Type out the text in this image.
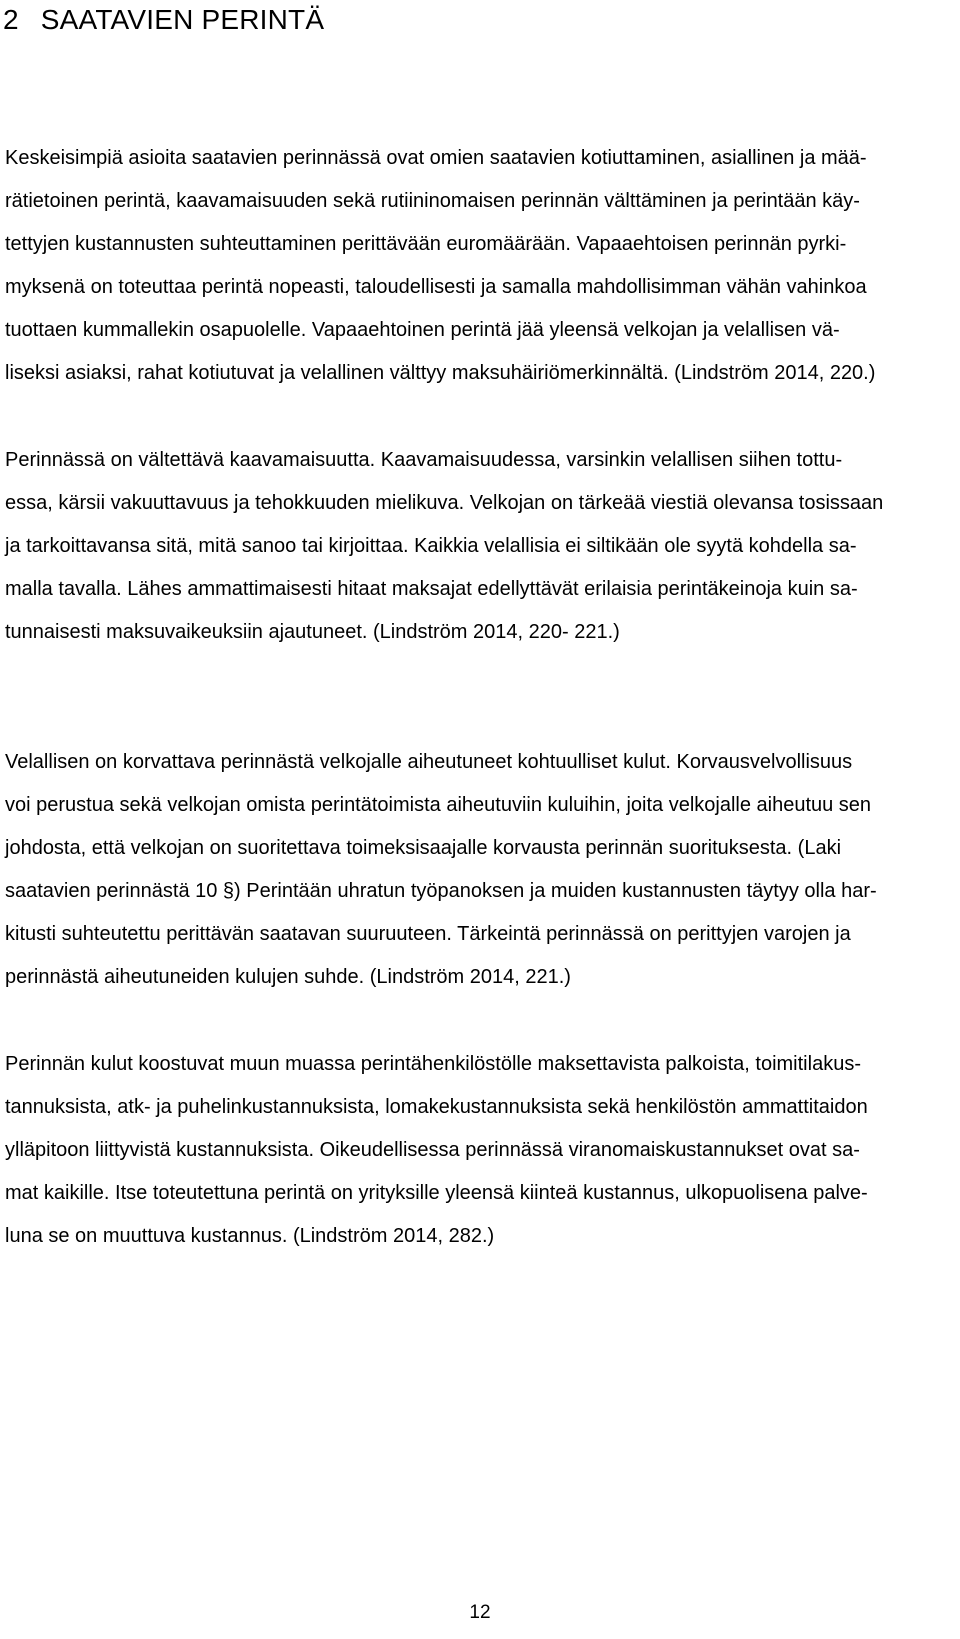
2 SAATAVIEN PERINTÄ
Keskeisimpiä asioita saatavien perinnässä ovat omien saatavien kotiuttaminen, asiallinen ja mää-
rätietoinen perintä, kaavamaisuuden sekä rutiininomaisen perinnän välttäminen ja perintään käy-
tettyjen kustannusten suhteuttaminen perittävään euromäärään. Vapaaehtoisen perinnän pyrki-
myksenä on toteuttaa perintä nopeasti, taloudellisesti ja samalla mahdollisimman vähän vahinkoa
tuottaen kummallekin osapuolelle. Vapaaehtoinen perintä jää yleensä velkojan ja velallisen vä-
liseksi asiaksi, rahat kotiutuvat ja velallinen välttyy maksuhäiriömerkinnältä. (Lindström 2014, 220.)
Perinnässä on vältettävä kaavamaisuutta. Kaavamaisuudessa, varsinkin velallisen siihen tottu-
essa, kärsii vakuuttavuus ja tehokkuuden mielikuva. Velkojan on tärkeää viestiä olevansa tosissaan
ja tarkoittavansa sitä, mitä sanoo tai kirjoittaa. Kaikkia velallisia ei siltikään ole syytä kohdella sa-
malla tavalla. Lähes ammattimaisesti hitaat maksajat edellyttävät erilaisia perintäkeinoja kuin sa-
tunnaisesti maksuvaikeuksiin ajautuneet. (Lindström 2014, 220- 221.)
Velallisen on korvattava perinnästä velkojalle aiheutuneet kohtuulliset kulut. Korvausvelvollisuus
voi perustua sekä velkojan omista perintätoimista aiheutuviin kuluihin, joita velkojalle aiheutuu sen
johdosta, että velkojan on suoritettava toimeksisaajalle korvausta perinnän suorituksesta. (Laki
saatavien perinnästä 10 §) Perintään uhratun työpanoksen ja muiden kustannusten täytyy olla har-
kitusti suhteutettu perittävän saatavan suuruuteen. Tärkeintä perinnässä on perittyjen varojen ja
perinnästä aiheutuneiden kulujen suhde. (Lindström 2014, 221.)
Perinnän kulut koostuvat muun muassa perintähenkilöstölle maksettavista palkoista, toimitilakus-
tannuksista, atk- ja puhelinkustannuksista, lomakekustannuksista sekä henkilöstön ammattitaidon
ylläpitoon liittyvistä kustannuksista. Oikeudellisessa perinnässä viranomaiskustannukset ovat sa-
mat kaikille. Itse toteutettuna perintä on yrityksille yleensä kiinteä kustannus, ulkopuolisena palve-
luna se on muuttuva kustannus. (Lindström 2014, 282.)
12
